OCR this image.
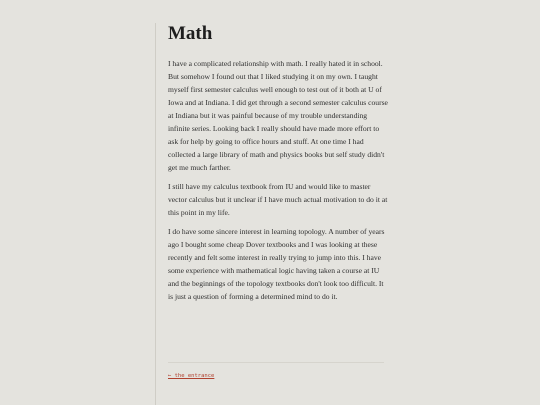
Math

I have a complicated relationship with math. I really hated it in school. But somehow I found out that I liked studying it on my own. I taught myself first semester calculus well enough to test out of it both at U of Iowa and at Indiana. I did get through a second semester calculus course at Indiana but it was painful because of my trouble understanding infinite series. Looking back I really should have made more effort to ask for help by going to office hours and stuff. At one time I had collected a large library of math and physics books but self study didn't get me much farther.

I still have my calculus textbook from IU and would like to master vector calculus but it unclear if I have much actual motivation to do it at this point in my life.

I do have some sincere interest in learning topology. A number of years ago I bought some cheap Dover textbooks and I was looking at these recently and felt some interest in really trying to jump into this. I have some experience with mathematical logic having taken a course at IU and the beginnings of the topology textbooks don't look too difficult. It is just a question of forming a determined mind to do it.

← the entrance
